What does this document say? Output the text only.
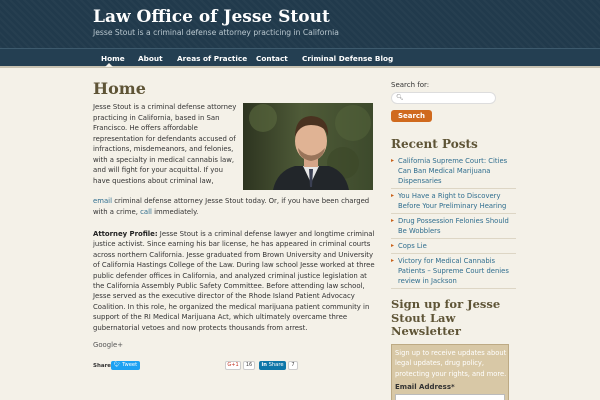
Law Office of Jesse Stout
Jesse Stout is a criminal defense attorney practicing in California
Home About Areas of Practice Contact Criminal Defense Blog
Home
Jesse Stout is a criminal defense attorney practicing in California, based in San Francisco. He offers affordable representation for defendants accused of infractions, misdemeanors, and felonies, with a specialty in medical cannabis law, and will fight for your acquittal. If you have questions about criminal law,
email criminal defense attorney Jesse Stout today. Or, if you have been charged with a crime, call immediately.
Attorney Profile: Jesse Stout is a criminal defense lawyer and longtime criminal justice activist. Since earning his bar license, he has appeared in criminal courts across northern California. Jesse graduated from Brown University and University of California Hastings College of the Law. During law school Jesse worked at three public defender offices in California, and analyzed criminal justice legislation at the California Assembly Public Safety Committee. Before attending law school, Jesse served as the executive director of the Rhode Island Patient Advocacy Coalition. In this role, he organized the medical marijuana patient community in support of the RI Medical Marijuana Act, which ultimately overcame three gubernatorial vetoes and now protects thousands from arrest.
Google+
Share 🐦︎ Tweet	G+1	16	in Share	7
Search for:
🔍︎
Search
Recent Posts
▸ California Supreme Court: Cities Can Ban Medical Marijuana Dispensaries
▸ You Have a Right to Discovery Before Your Preliminary Hearing
▸ Drug Possession Felonies Should Be Wobblers
▸ Cops Lie
▸ Victory for Medical Cannabis Patients – Supreme Court denies review in Jackson
Sign up for Jesse Stout Law Newsletter
Sign up to receive updates about legal updates, drug policy, protecting your rights, and more.
Email Address*
